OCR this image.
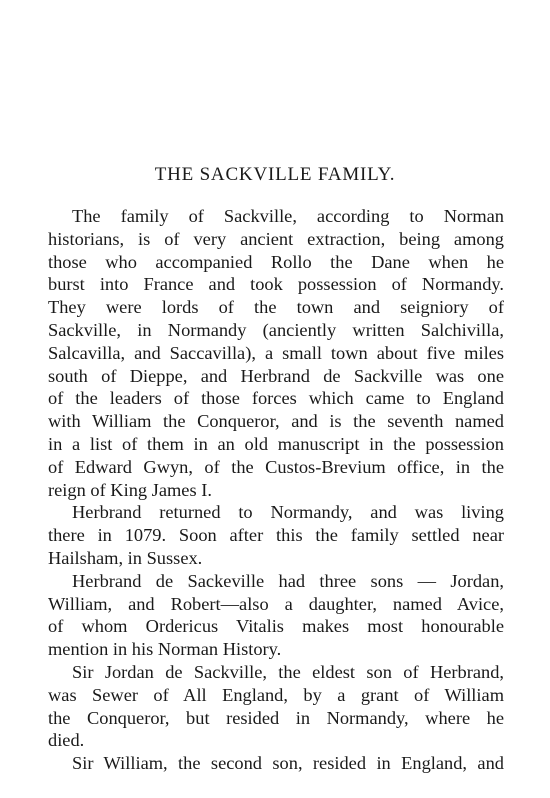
THE SACKVILLE FAMILY.
The family of Sackville, according to Norman
historians, is of very ancient extraction, being among
those who accompanied Rollo the Dane when he
burst into France and took possession of Normandy.
They were lords of the town and seigniory of
Sackville, in Normandy (anciently written Salchivilla,
Salcavilla, and Saccavilla), a small town about five miles
south of Dieppe, and Herbrand de Sackville was one
of the leaders of those forces which came to England
with William the Conqueror, and is the seventh named
in a list of them in an old manuscript in the possession
of Edward Gwyn, of the Custos-Brevium office, in the
reign of King James I.
Herbrand returned to Normandy, and was living
there in 1079. Soon after this the family settled near
Hailsham, in Sussex.
Herbrand de Sackeville had three sons — Jordan,
William, and Robert—also a daughter, named Avice,
of whom Ordericus Vitalis makes most honourable
mention in his Norman History.
Sir Jordan de Sackville, the eldest son of Herbrand,
was Sewer of All England, by a grant of William
the Conqueror, but resided in Normandy, where he
died.
Sir William, the second son, resided in England, and
